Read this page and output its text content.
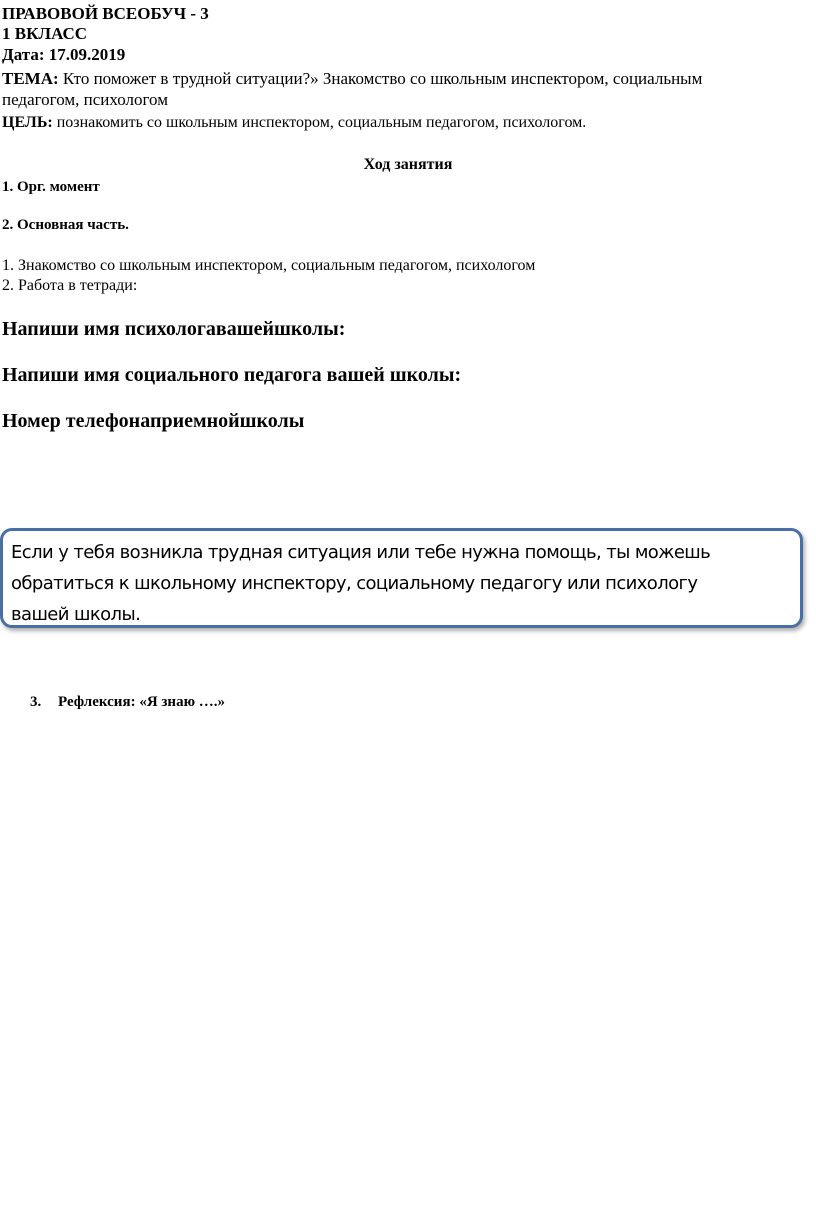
ПРАВОВОЙ ВСЕОБУЧ - 3
1 ВКЛАСС
Дата: 17.09.2019
ТЕМА: Кто поможет в трудной ситуации?» Знакомство со школьным инспектором, социальным
педагогом, психологом
ЦЕЛЬ: познакомить со школьным инспектором, социальным педагогом, психологом.
Ход занятия
1. Орг. момент
2. Основная часть.
1. Знакомство со школьным инспектором, социальным педагогом, психологом
2. Работа в тетради:
Напиши имя психологавашейшколы:
Напиши имя социального педагога вашей школы:
Номер телефонаприемнойшколы
Если у тебя возникла трудная ситуация или тебе нужна помощь, ты можешь
обратиться к школьному инспектору, социальному педагогу или психологу
вашей школы.
3. Рефлексия: «Я знаю ….»
